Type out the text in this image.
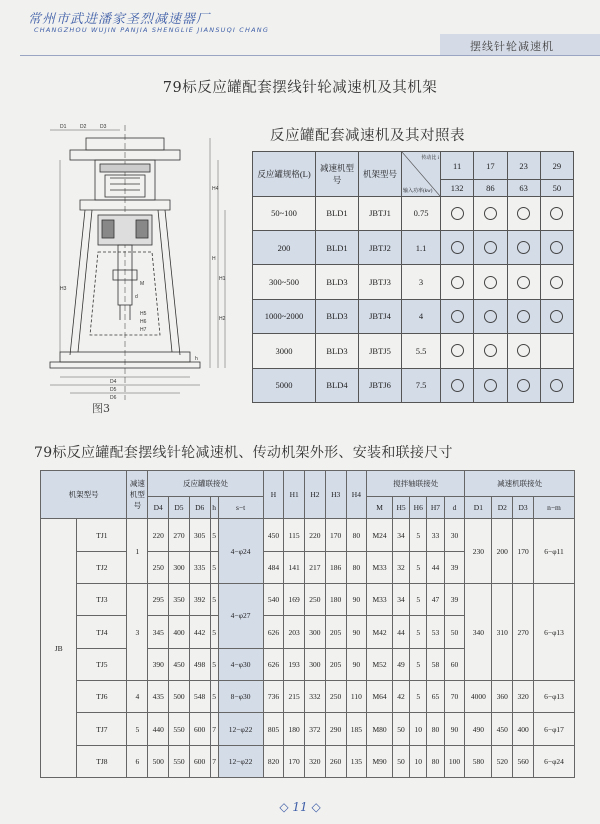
常州市武进潘家圣烈减速器厂
CHANGZHOU WUJIN PANJIA SHENGLIE JIANSUQI CHANG
摆线针轮减速机
79标反应罐配套摆线针轮减速机及其机架
D4
D5
D6
H
H1
H2
H3
H4
M
D1	D2	D3
H5
H6
H7
d
h
图3
反应罐配套减速机及其对照表
反应罐规格(L)	减速机型号	机架型号	传动比 i
输入功率(kw)	11	17	23	29
				132	86	63	50
50~100	BLD1	JBTJ1	0.75				
200	BLD1	JBTJ2	1.1				
300~500	BLD3	JBTJ3	3				
1000~2000	BLD3	JBTJ4	4				
3000	BLD3	JBTJ5	5.5				
5000	BLD4	JBTJ6	7.5				
79标反应罐配套摆线针轮减速机、传动机架外形、安装和联接尺寸
机架型号		减速机型号	反应罐联接处					H	H1	H2	H3	H4	搅拌轴联接处					减速机联接处			
			D4	D5	D6	h	s−t						M	H5	H6	H7	d	D1	D2	D3	n−m
JB	TJ1	1	220	270	305	5	4−φ24	450	115	220	170	80	M24	34	5	33	30	230	200	170	6−φ11
	TJ2		250	300	335	5		484	141	217	186	80	M33	32	5	44	39				
	TJ3	3	295	350	392	5	4−φ27	540	169	250	180	90	M33	34	5	47	39	340	310	270	6−φ13
	TJ4		345	400	442	5		626	203	300	205	90	M42	44	5	53	50				
	TJ5		390	450	498	5	4−φ30	626	193	300	205	90	M52	49	5	58	60				
	TJ6	4	435	500	548	5	8−φ30	736	215	332	250	110	M64	42	5	65	70	4000	360	320	6−φ13
	TJ7	5	440	550	600	7	12−φ22	805	180	372	290	185	M80	50	10	80	90	490	450	400	6−φ17
	TJ8	6	500	550	600	7	12−φ22	820	170	320	260	135	M90	50	10	80	100	580	520	560	6−φ24
◇ 11 ◇
